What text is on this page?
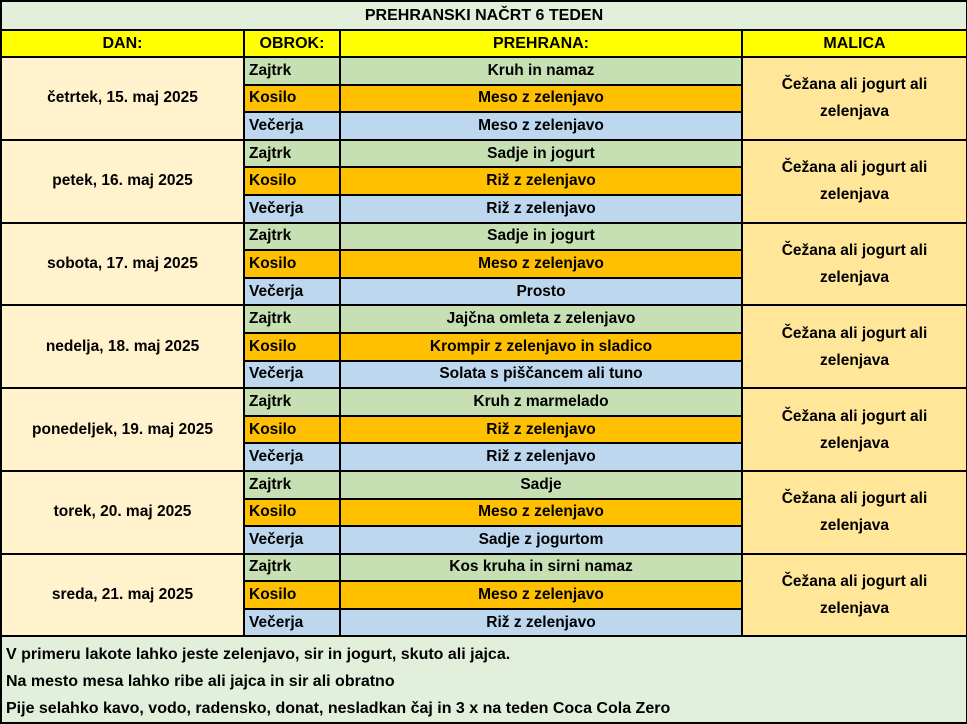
PREHRANSKI NAČRT 6 TEDEN			
DAN:	OBROK:	PREHRANA:	MALICA
četrtek, 15. maj 2025	Zajtrk	Kruh in namaz	Čežana ali jogurt ali zelenjava
	Kosilo	Meso z zelenjavo	
	Večerja	Meso z zelenjavo	
petek, 16. maj 2025	Zajtrk	Sadje in jogurt	Čežana ali jogurt ali zelenjava
	Kosilo	Riž z zelenjavo	
	Večerja	Riž z zelenjavo	
sobota, 17. maj 2025	Zajtrk	Sadje in jogurt	Čežana ali jogurt ali zelenjava
	Kosilo	Meso z zelenjavo	
	Večerja	Prosto	
nedelja, 18. maj 2025	Zajtrk	Jajčna omleta z zelenjavo	Čežana ali jogurt ali zelenjava
	Kosilo	Krompir z zelenjavo in sladico	
	Večerja	Solata s piščancem ali tuno	
ponedeljek, 19. maj 2025	Zajtrk	Kruh z marmelado	Čežana ali jogurt ali zelenjava
	Kosilo	Riž z zelenjavo	
	Večerja	Riž z zelenjavo	
torek, 20. maj 2025	Zajtrk	Sadje	Čežana ali jogurt ali zelenjava
	Kosilo	Meso z zelenjavo	
	Večerja	Sadje z jogurtom	
sreda, 21. maj 2025	Zajtrk	Kos kruha in sirni namaz	Čežana ali jogurt ali zelenjava
	Kosilo	Meso z zelenjavo	
	Večerja	Riž z zelenjavo	

V primeru lakote lahko jeste zelenjavo, sir in jogurt, skuto ali jajca.
Na mesto mesa lahko ribe ali jajca in sir ali obratno
Pije selahko kavo, vodo, radensko, donat, nesladkan čaj in 3 x na teden Coca Cola Zero			
